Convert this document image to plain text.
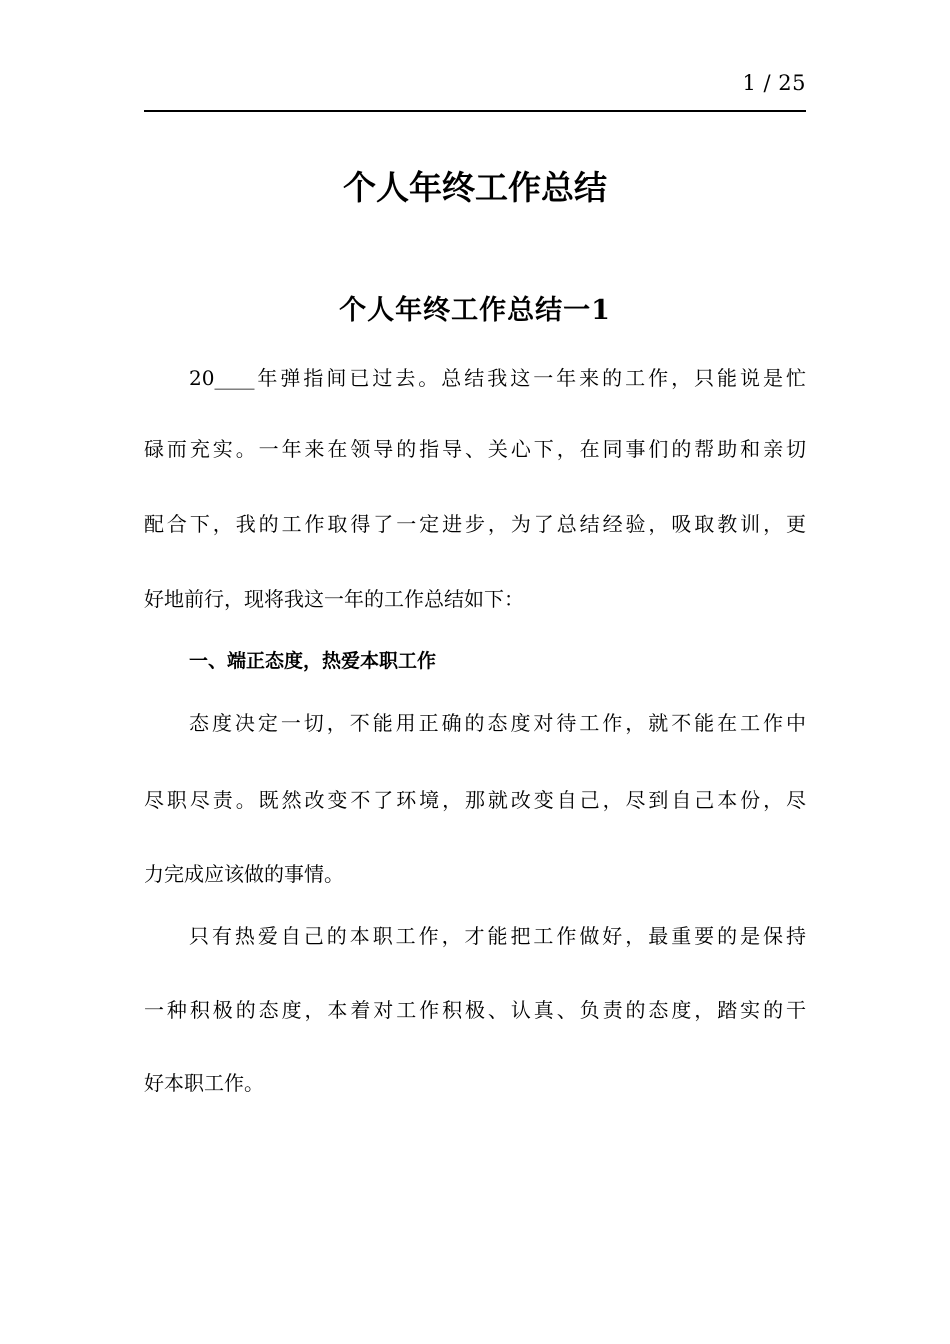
1 / 25
个人年终工作总结
个人年终工作总结一1
20____年弹指间已过去。总结我这一年来的工作，只能说是忙
碌而充实。一年来在领导的指导、关心下，在同事们的帮助和亲切
配合下，我的工作取得了一定进步，为了总结经验，吸取教训，更
好地前行，现将我这一年的工作总结如下：
一、端正态度，热爱本职工作
态度决定一切，不能用正确的态度对待工作，就不能在工作中
尽职尽责。既然改变不了环境，那就改变自己，尽到自己本份，尽
力完成应该做的事情。
只有热爱自己的本职工作，才能把工作做好，最重要的是保持
一种积极的态度，本着对工作积极、认真、负责的态度，踏实的干
好本职工作。
